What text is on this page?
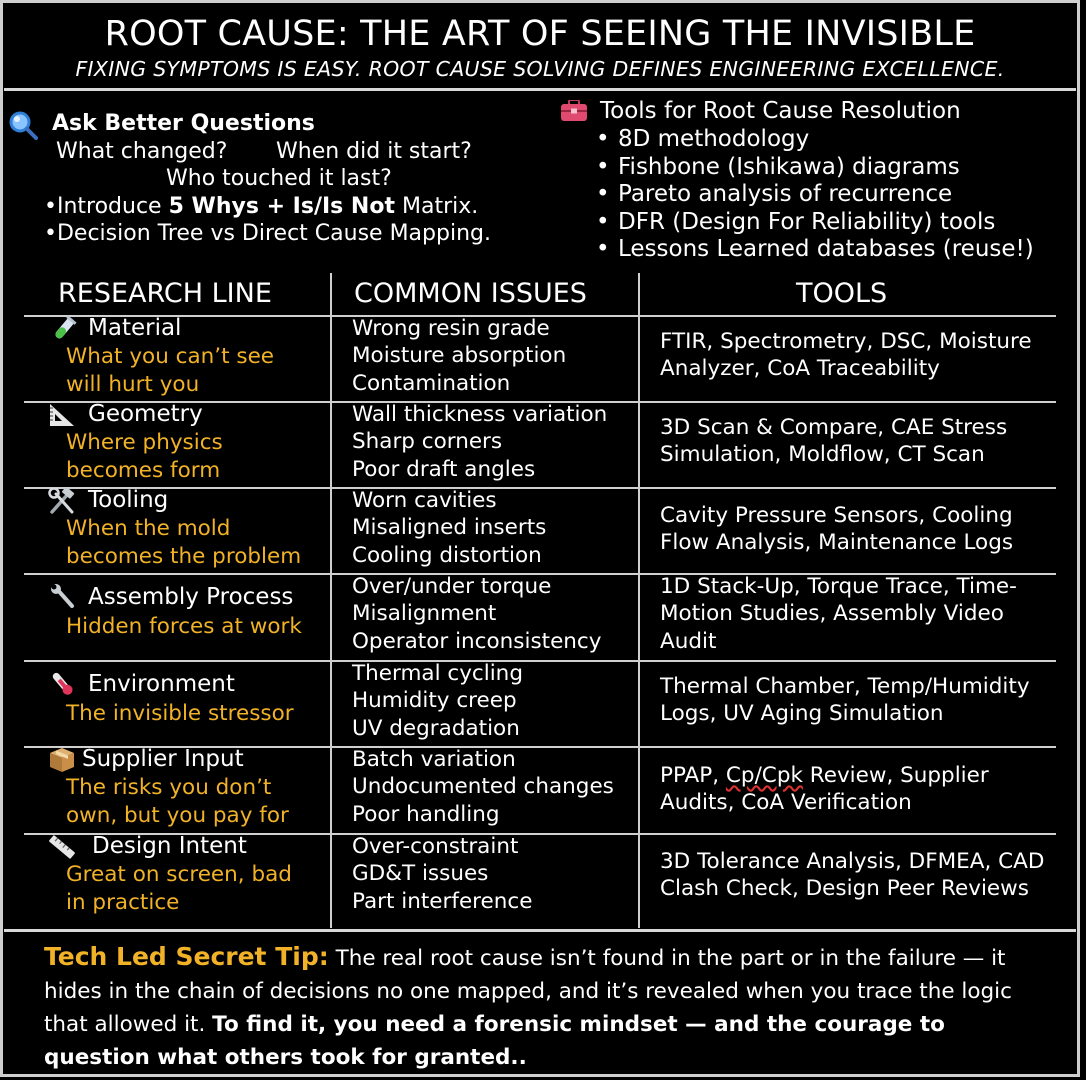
ROOT CAUSE: THE ART OF SEEING THE INVISIBLE
FIXING SYMPTOMS IS EASY. ROOT CAUSE SOLVING DEFINES ENGINEERING EXCELLENCE.
Ask Better Questions
What changed? When did it start?
Who touched it last?
•Introduce 5 Whys + Is/Is Not Matrix.
•Decision Tree vs Direct Cause Mapping.
Tools for Root Cause Resolution
• 8D methodology
• Fishbone (Ishikawa) diagrams
• Pareto analysis of recurrence
• DFR (Design For Reliability) tools
• Lessons Learned databases (reuse!)
RESEARCH LINE	COMMON ISSUES	TOOLS
Material
What you can’t see
will hurt you
Wrong resin grade
Moisture absorption
Contamination
FTIR, Spectrometry, DSC, Moisture
Analyzer, CoA Traceability
Geometry
Where physics
becomes form
Wall thickness variation
Sharp corners
Poor draft angles
3D Scan & Compare, CAE Stress
Simulation, Moldflow, CT Scan
Tooling
When the mold
becomes the problem
Worn cavities
Misaligned inserts
Cooling distortion
Cavity Pressure Sensors, Cooling
Flow Analysis, Maintenance Logs
Assembly Process
Hidden forces at work
Over/under torque
Misalignment
Operator inconsistency
1D Stack-Up, Torque Trace, Time-
Motion Studies, Assembly Video
Audit
Environment
The invisible stressor
Thermal cycling
Humidity creep
UV degradation
Thermal Chamber, Temp/Humidity
Logs, UV Aging Simulation
Supplier Input
The risks you don’t
own, but you pay for
Batch variation
Undocumented changes
Poor handling
PPAP, Cp/Cpk Review, Supplier
Audits, CoA Verification
Design Intent
Great on screen, bad
in practice
Over-constraint
GD&T issues
Part interference
3D Tolerance Analysis, DFMEA, CAD
Clash Check, Design Peer Reviews
Tech Led Secret Tip: The real root cause isn’t found in the part or in the failure — it hides in the chain of decisions no one mapped, and it’s revealed when you trace the logic that allowed it. To find it, you need a forensic mindset — and the courage to question what others took for granted..
